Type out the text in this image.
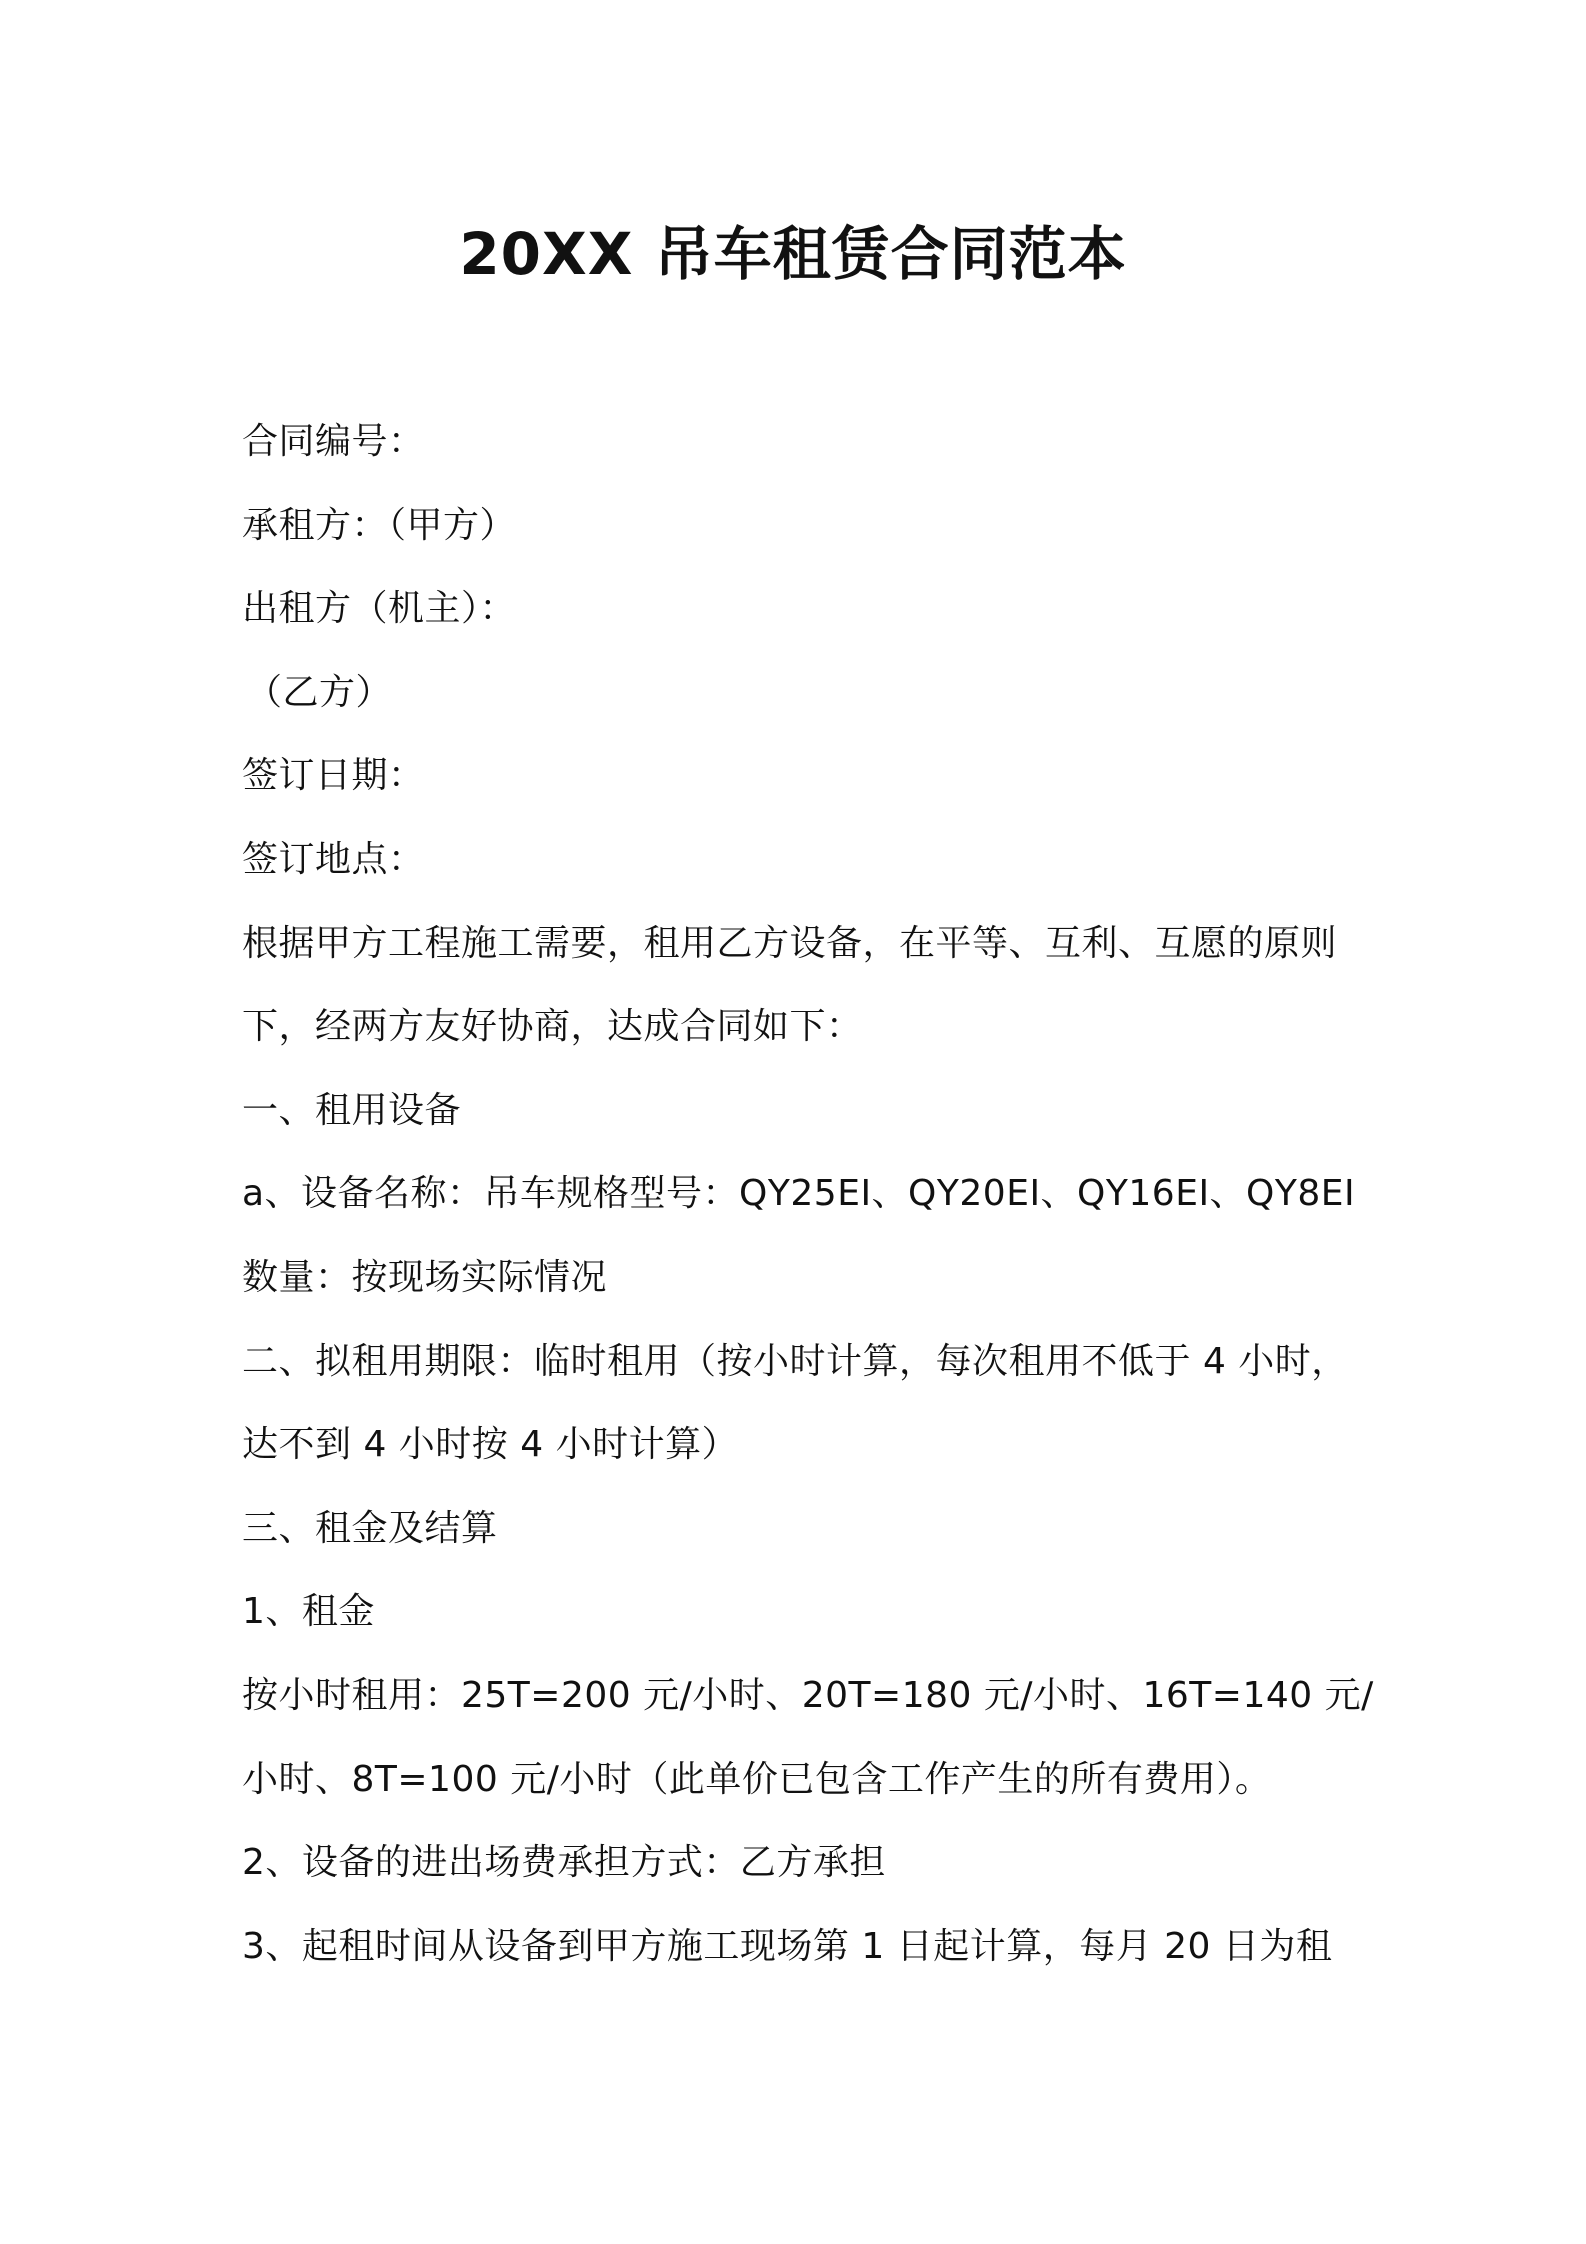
20XX 吊车租赁合同范本

合同编号：

承租方：（甲方）

出租方（机主）：

（乙方）

签订日期：

签订地点：

根据甲方工程施工需要，租用乙方设备，在平等、互利、互愿的原则

下，经两方友好协商，达成合同如下：

一、租用设备

a、设备名称：吊车规格型号：QY25EI、QY20EI、QY16EI、QY8EI

数量：按现场实际情况

二、拟租用期限：临时租用（按小时计算，每次租用不低于 4 小时，

达不到 4 小时按 4 小时计算）

三、租金及结算

1、租金

按小时租用：25T=200 元/小时、20T=180 元/小时、16T=140 元/

小时、8T=100 元/小时（此单价已包含工作产生的所有费用）。

2、设备的进出场费承担方式：乙方承担

3、起租时间从设备到甲方施工现场第 1 日起计算，每月 20 日为租
